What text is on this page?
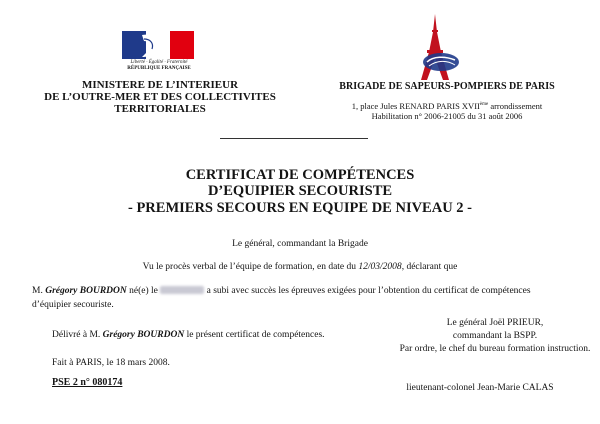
Liberté · Égalité · Fraternité
RÉPUBLIQUE FRANÇAISE
MINISTERE DE L’INTERIEUR
DE L’OUTRE-MER ET DES COLLECTIVITES
TERRITORIALES
BRIGADE DE SAPEURS-POMPIERS DE PARIS
1, place Jules RENARD PARIS XVIIème arrondissement
Habilitation n° 2006-21005 du 31 août 2006
CERTIFICAT DE COMPÉTENCES
D’EQUIPIER SECOURISTE
- PREMIERS SECOURS EN EQUIPE DE NIVEAU 2 -
Le général, commandant la Brigade
Vu le procès verbal de l’équipe de formation, en date du 12/03/2008, déclarant que
M. Grégory BOURDON né(e) le	a subi avec succès les épreuves exigées pour l’obtention du certificat de compétences
d’équipier secouriste.
Délivré à M. Grégory BOURDON le présent certificat de compétences.
Fait à PARIS, le 18 mars 2008.
PSE 2 n° 080174
Le général Joël PRIEUR,
commandant la BSPP.
Par ordre, le chef du bureau formation instruction.
lieutenant-colonel Jean-Marie CALAS
